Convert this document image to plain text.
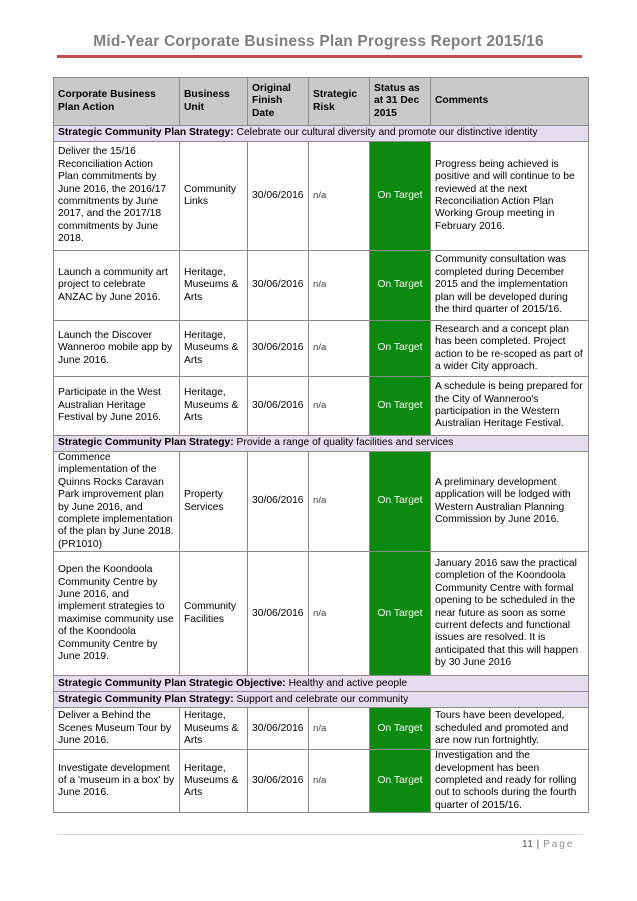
Mid-Year Corporate Business Plan Progress Report 2015/16
Corporate Business Plan Action	Business Unit	Original Finish Date	Strategic Risk	Status as at 31 Dec 2015	Comments
Strategic Community Plan Strategy: Celebrate our cultural diversity and promote our distinctive identity					
Deliver the 15/16 Reconciliation Action Plan commitments by June 2016, the 2016/17 commitments by June 2017, and the 2017/18 commitments by June 2018.	Community Links	30/06/2016	n/a	On Target	Progress being achieved is positive and will continue to be reviewed at the next Reconciliation Action Plan Working Group meeting in February 2016.
Launch a community art project to celebrate ANZAC by June 2016.	Heritage, Museums & Arts	30/06/2016	n/a	On Target	Community consultation was completed during December 2015 and the implementation plan will be developed during the third quarter of 2015/16.
Launch the Discover Wanneroo mobile app by June 2016.	Heritage, Museums & Arts	30/06/2016	n/a	On Target	Research and a concept plan has been completed. Project action to be re-scoped as part of a wider City approach.
Participate in the West Australian Heritage Festival by June 2016.	Heritage, Museums & Arts	30/06/2016	n/a	On Target	A schedule is being prepared for the City of Wanneroo's participation in the Western Australian Heritage Festival.
Strategic Community Plan Strategy: Provide a range of quality facilities and services					
Commence implementation of the Quinns Rocks Caravan Park improvement plan by June 2016, and complete implementation of the plan by June 2018. (PR1010)	Property Services	30/06/2016	n/a	On Target	A preliminary development application will be lodged with Western Australian Planning Commission by June 2016.
Open the Koondoola Community Centre by June 2016, and implement strategies to maximise community use of the Koondoola Community Centre by June 2019.	Community Facilities	30/06/2016	n/a	On Target	January 2016 saw the practical completion of the Koondoola Community Centre with formal opening to be scheduled in the near future as soon as some current defects and functional issues are resolved. It is anticipated that this will happen by 30 June 2016
Strategic Community Plan Strategic Objective: Healthy and active people					
Strategic Community Plan Strategy: Support and celebrate our community					
Deliver a Behind the Scenes Museum Tour by June 2016.	Heritage, Museums & Arts	30/06/2016	n/a	On Target	Tours have been developed, scheduled and promoted and are now run fortnightly.
Investigate development of a 'museum in a box' by June 2016.	Heritage, Museums & Arts	30/06/2016	n/a	On Target	Investigation and the development has been completed and ready for rolling out to schools during the fourth quarter of 2015/16.
11 | Page
